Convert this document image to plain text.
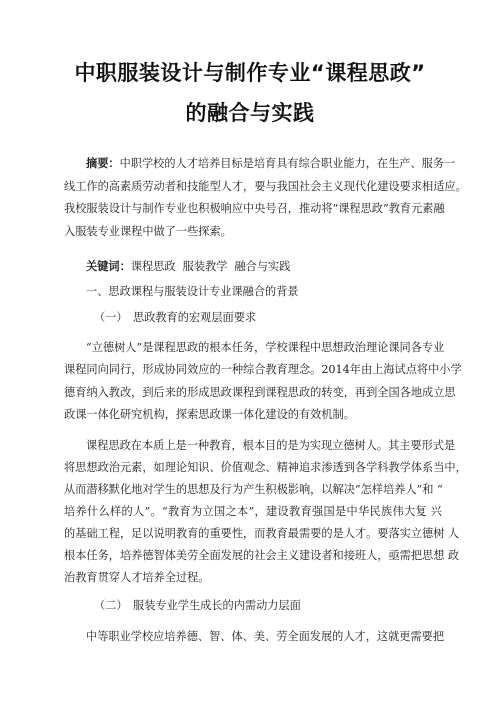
中职服装设计与制作专业“课程思政”
的融合与实践
摘要：中职学校的人才培养目标是培育具有综合职业能力，在生产、服务一
线工作的高素质劳动者和技能型人才，要与我国社会主义现代化建设要求相适应。
我校服装设计与制作专业也积极响应中央号召，推动将“课程思政”教育元素融
入服装专业课程中做了一些探索。
关键词：课程思政  服装教学  融合与实践
一、思政课程与服装设计专业课融合的背景
（一） 思政教育的宏观层面要求
“立德树人”是课程思政的根本任务，学校课程中思想政治理论课同各专业
课程同向同行，形成协同效应的一种综合教育理念。2014年由上海试点将中小学
德育纳入教改，到后来的形成思政课程到课程思政的转变，再到全国各地成立思
政课一体化研究机构，探索思政课一体化建设的有效机制。
课程思政在本质上是一种教育，根本目的是为实现立德树人。其主要形式是
将思想政治元素，如理论知识、价值观念、精神追求渗透到各学科教学体系当中，
从而潜移默化地对学生的思想及行为产生积极影响，以解决“怎样培养人”和 “
培养什么样的人”。“教育为立国之本”，建设教育强国是中华民族伟大复 兴
的基础工程，足以说明教育的重要性，而教育最需要的是人才。要落实立德树 人
根本任务，培养德智体美劳全面发展的社会主义建设者和接班人，亟需把思想 政
治教育贯穿人才培养全过程。
（二） 服装专业学生成长的内需动力层面
中等职业学校应培养德、智、体、美、劳全面发展的人才，这就更需要把
